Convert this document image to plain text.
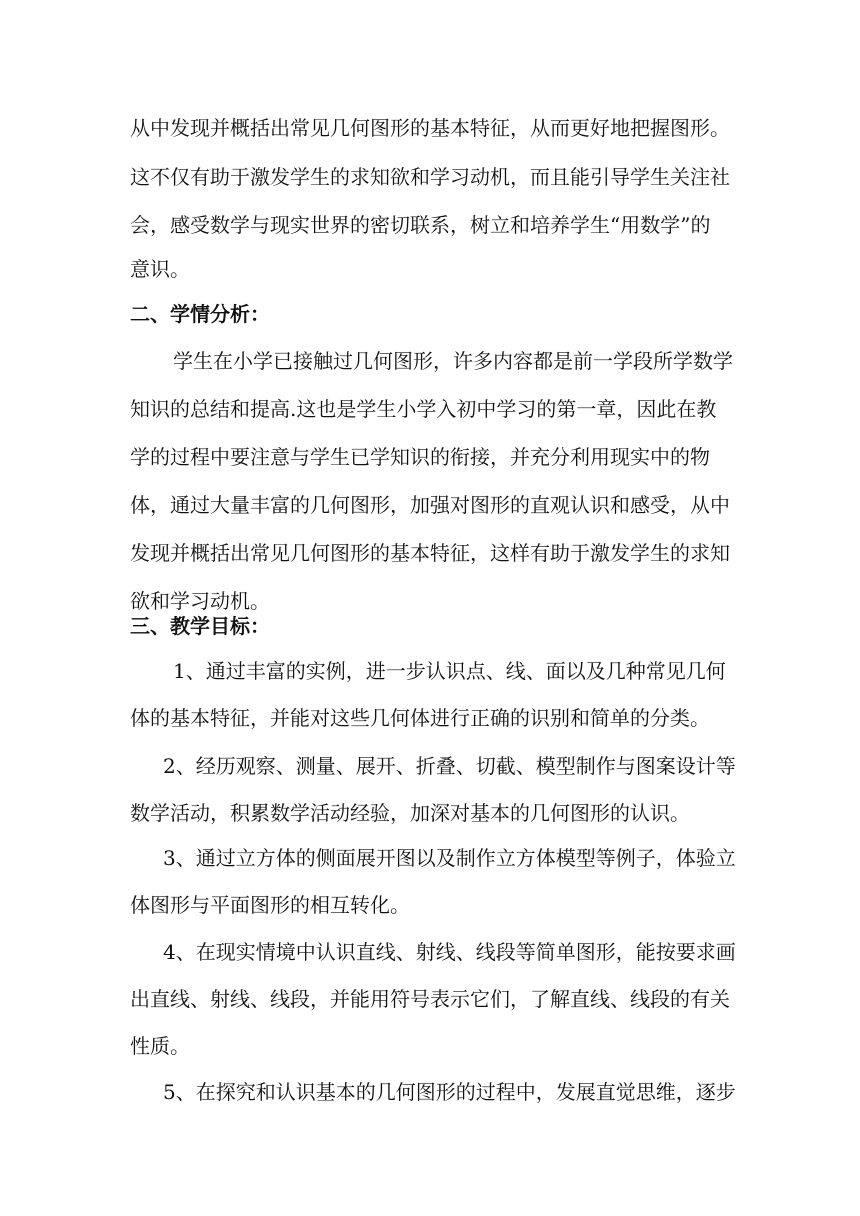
从中发现并概括出常见几何图形的基本特征，从而更好地把握图形。

这不仅有助于激发学生的求知欲和学习动机，而且能引导学生关注社

会，感受数学与现实世界的密切联系，树立和培养学生“用数学”的

意识。

二、学情分析：

学生在小学已接触过几何图形，许多内容都是前一学段所学数学

知识的总结和提高.这也是学生小学入初中学习的第一章，因此在教

学的过程中要注意与学生已学知识的衔接，并充分利用现实中的物

体，通过大量丰富的几何图形，加强对图形的直观认识和感受，从中

发现并概括出常见几何图形的基本特征，这样有助于激发学生的求知

欲和学习动机。

三、教学目标：

1、通过丰富的实例，进一步认识点、线、面以及几种常见几何

体的基本特征，并能对这些几何体进行正确的识别和简单的分类。

2、经历观察、测量、展开、折叠、切截、模型制作与图案设计等

数学活动，积累数学活动经验，加深对基本的几何图形的认识。

3、通过立方体的侧面展开图以及制作立方体模型等例子，体验立

体图形与平面图形的相互转化。

4、在现实情境中认识直线、射线、线段等简单图形，能按要求画

出直线、射线、线段，并能用符号表示它们，了解直线、线段的有关

性质。

5、在探究和认识基本的几何图形的过程中，发展直觉思维，逐步
